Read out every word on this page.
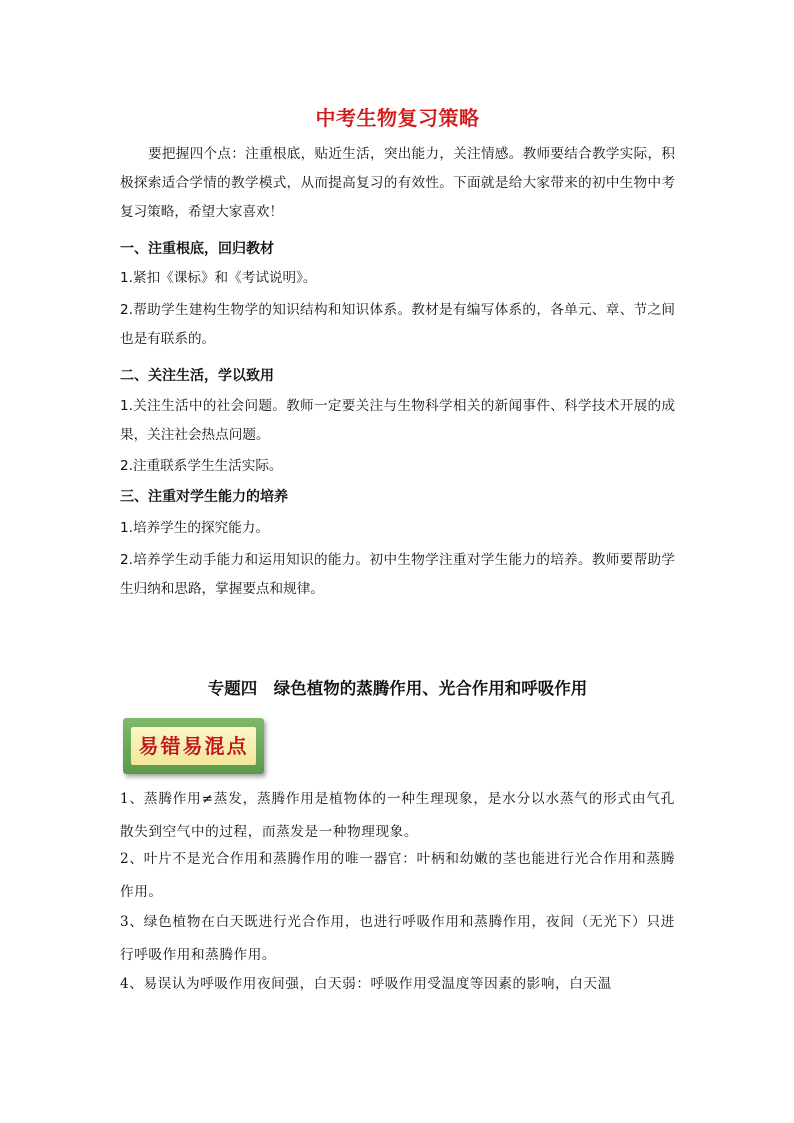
中考生物复习策略
要把握四个点：注重根底，贴近生活，突出能力，关注情感。教师要结合教学实际，积极探索适合学情的教学模式，从而提高复习的有效性。下面就是给大家带来的初中生物中考复习策略，希望大家喜欢！
一、注重根底，回归教材
1.紧扣《课标》和《考试说明》。
2.帮助学生建构生物学的知识结构和知识体系。教材是有编写体系的，各单元、章、节之间也是有联系的。
二、关注生活，学以致用
1.关注生活中的社会问题。教师一定要关注与生物科学相关的新闻事件、科学技术开展的成果，关注社会热点问题。
2.注重联系学生生活实际。
三、注重对学生能力的培养
1.培养学生的探究能力。
2.培养学生动手能力和运用知识的能力。初中生物学注重对学生能力的培养。教师要帮助学生归纳和思路，掌握要点和规律。
专题四　绿色植物的蒸腾作用、光合作用和呼吸作用
易错易混点
1、蒸腾作用≠蒸发，蒸腾作用是植物体的一种生理现象，是水分以水蒸气的形式由气孔散失到空气中的过程，而蒸发是一种物理现象。
2、叶片不是光合作用和蒸腾作用的唯一器官：叶柄和幼嫩的茎也能进行光合作用和蒸腾作用。
3、绿色植物在白天既进行光合作用，也进行呼吸作用和蒸腾作用，夜间（无光下）只进行呼吸作用和蒸腾作用。
4、易误认为呼吸作用夜间强，白天弱：呼吸作用受温度等因素的影响，白天温
